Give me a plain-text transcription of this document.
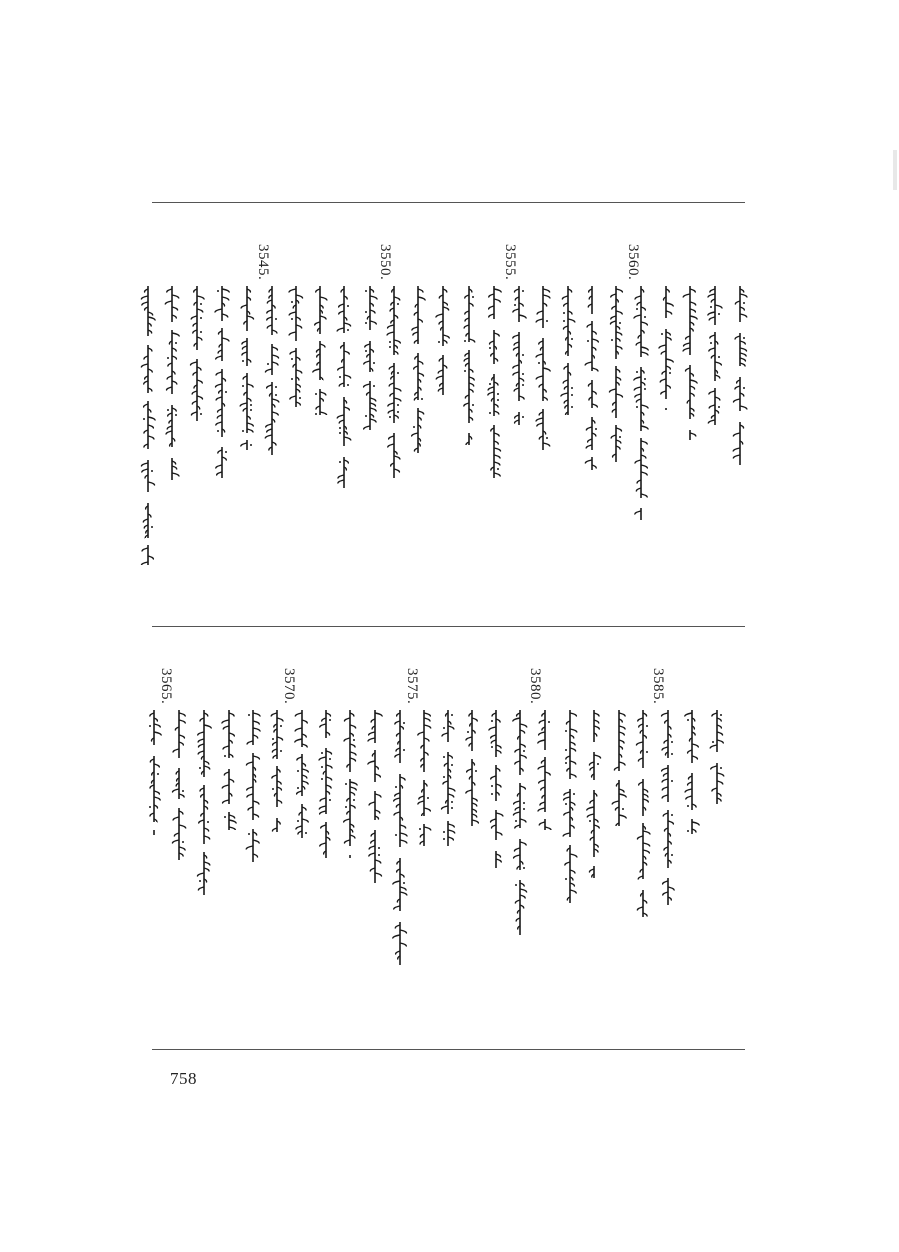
3545.	3550.	3555.	3560.
3565.	3570.	3575.	3580.	3585.
758
